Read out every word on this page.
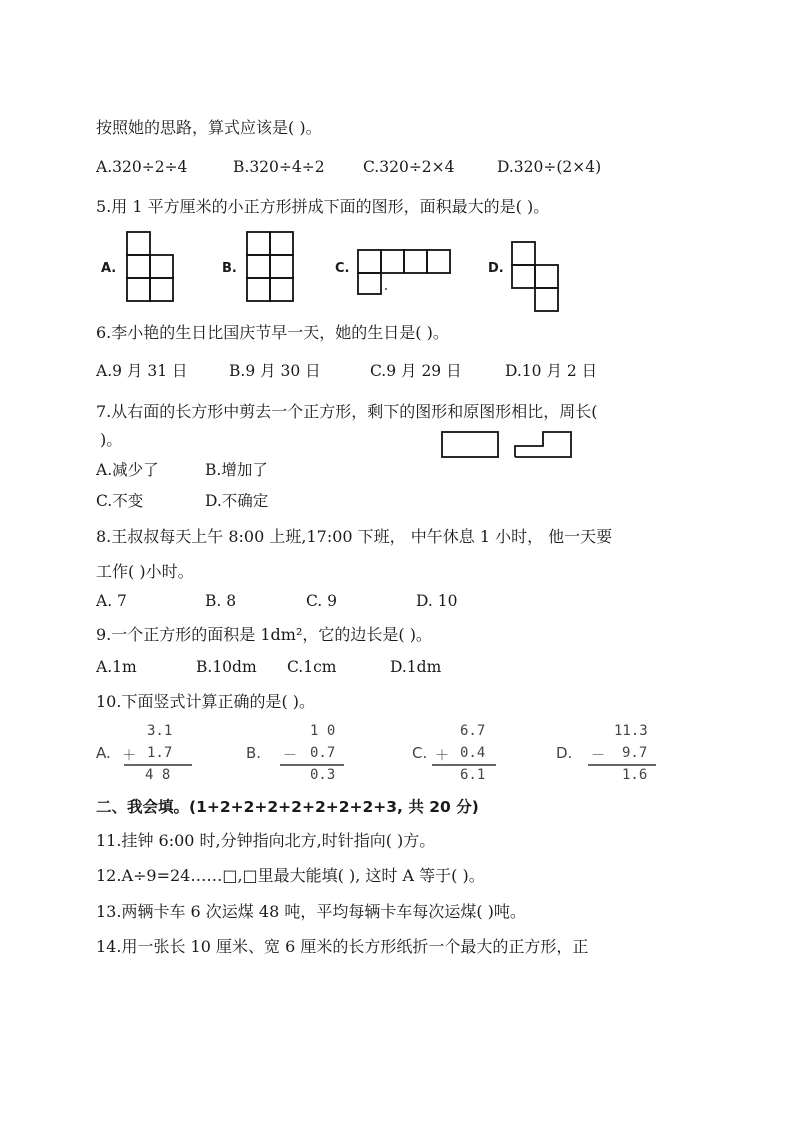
按照她的思路，算式应该是( )。
A.320÷2÷4	B.320÷4÷2 C.320÷2×4	D.320÷(2×4)
5.用 1 平方厘米的小正方形拼成下面的图形，面积最大的是( )。
A.	B.	C.	D.
6.李小艳的生日比国庆节早一天，她的生日是( )。
A.9 月 31 日	B.9 月 30 日	C.9 月 29 日	D.10 月 2 日
7.从右面的长方形中剪去一个正方形，剩下的图形和原图形相比，周长(
)。
A.减少了	B.增加了
C.不变	D.不确定
8.王叔叔每天上午 8:00 上班,17:00 下班， 中午休息 1 小时， 他一天要
工作( )小时。
A. 7	B. 8	C. 9	D. 10
9.一个正方形的面积是 1dm²，它的边长是( )。
A.1m	B.10dm C.1cm	D.1dm
10.下面竖式计算正确的是( )。
A.
3.1
＋ 1.7
4 8
B.
1 0
－ 0.7
0.3
C.
6.7
＋ 0.4
6.1
D.
11.3
－ 9.7
1.6
二、我会填。(1+2+2+2+2+2+2+2+3, 共 20 分)
11.挂钟 6:00 时,分钟指向北方,时针指向( )方。
12.A÷9=24……□,□里最大能填( ), 这时 A 等于( )。
13.两辆卡车 6 次运煤 48 吨，平均每辆卡车每次运煤( )吨。
14.用一张长 10 厘米、宽 6 厘米的长方形纸折一个最大的正方形，正
